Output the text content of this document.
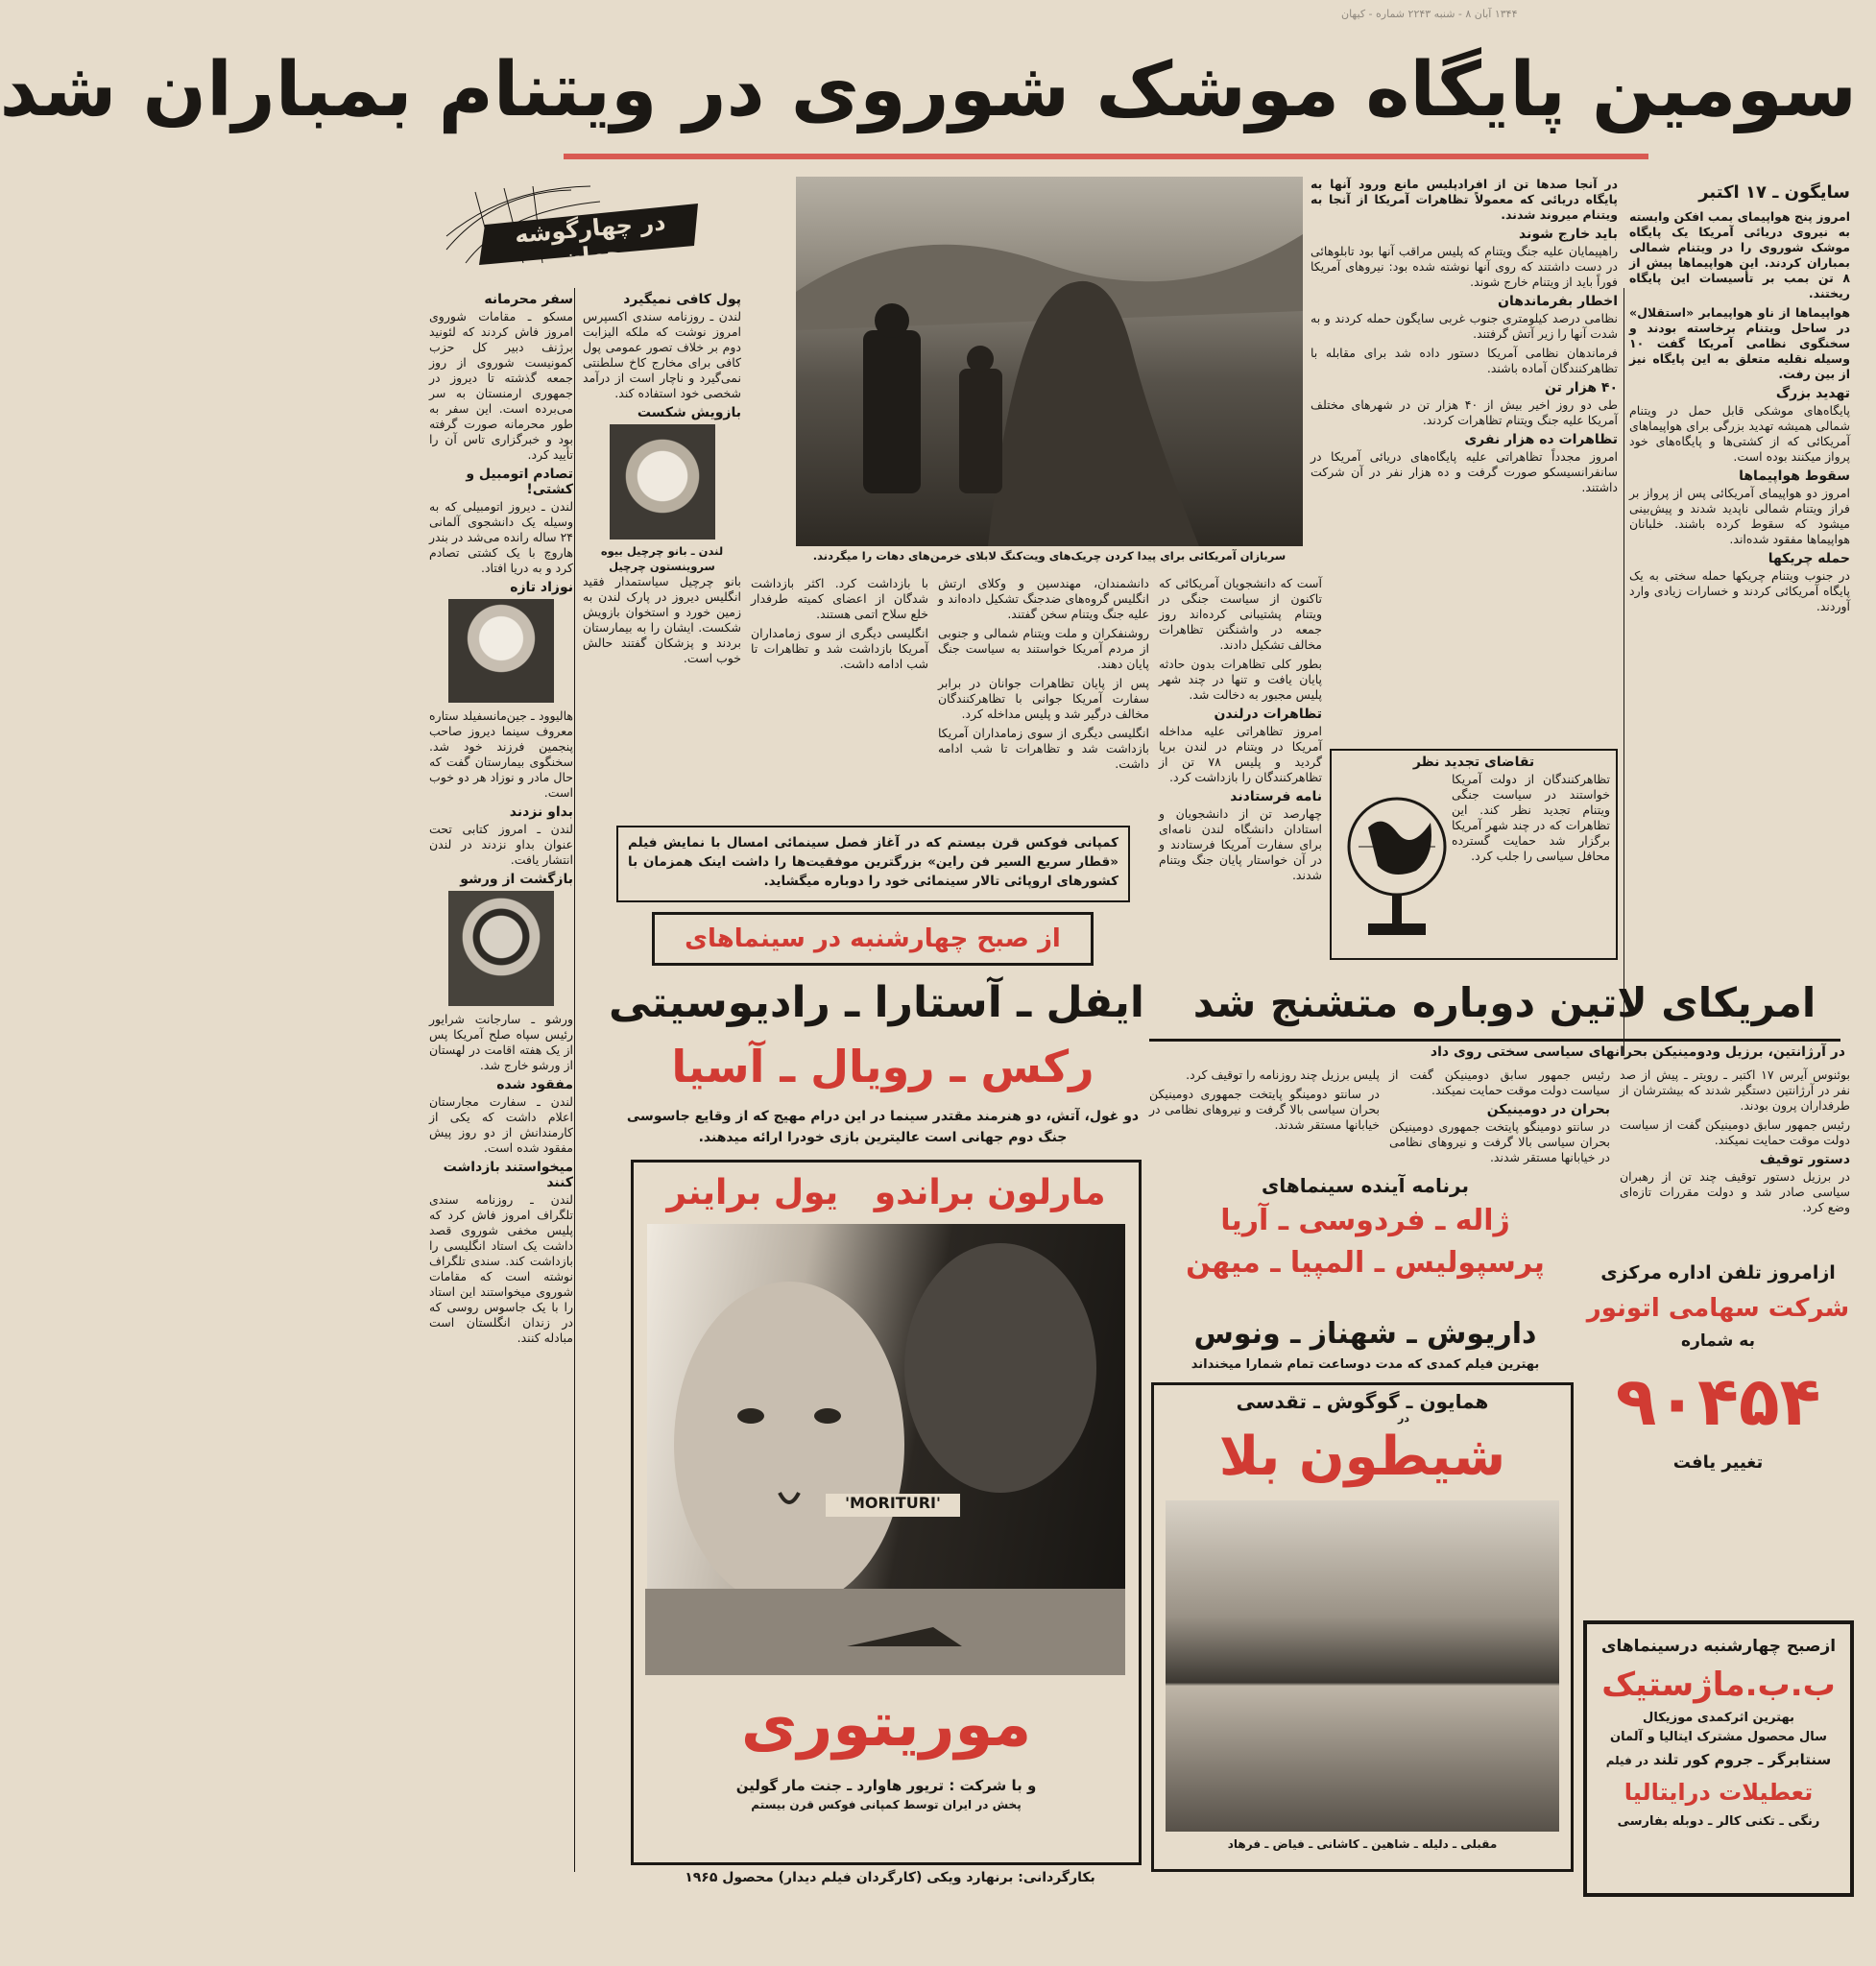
۱۳۴۴ آبان ۸ - شنبه ۲۲۴۳ شماره - کیهان
سومین پایگاه موشک شوروی در ویتنام بمباران شد
در چهارگوشه جهان
سفر محرمانه

مسکو ـ مقامات شوروی امروز فاش کردند که لئونید برژنف دبیر کل حزب کمونیست شوروی از روز جمعه گذشته تا دیروز در جمهوری ارمنستان به سر می‌برده است. این سفر به طور محرمانه صورت گرفته بود و خبرگزاری تاس آن را تأیید کرد.

تصادم اتومبیل و کشتی!

لندن ـ دیروز اتومبیلی که به وسیله یک دانشجوی آلمانی ۲۴ ساله رانده می‌شد در بندر هاروچ با یک کشتی تصادم کرد و به دریا افتاد.

نوزاد تازه

هالیوود ـ جین‌مانسفیلد ستاره معروف سینما دیروز صاحب پنجمین فرزند خود شد. سخنگوی بیمارستان گفت که حال مادر و نوزاد هر دو خوب است.

بداو نزدند

لندن ـ امروز کتابی تحت عنوان بداو نزدند در لندن انتشار یافت.

بازگشت از ورشو

ورشو ـ سارجانت شرایور رئیس سپاه صلح آمریکا پس از یک هفته اقامت در لهستان از ورشو خارج شد.

مفقود شده

لندن ـ سفارت مجارستان اعلام داشت که یکی از کارمندانش از دو روز پیش مفقود شده است.

میخواستند بازداشت کنند

لندن ـ روزنامه سندی تلگراف امروز فاش کرد که پلیس مخفی شوروی قصد داشت یک استاد انگلیسی را بازداشت کند. سندی تلگراف نوشته است که مقامات شوروی میخواستند این استاد را با یک جاسوس روسی که در زندان انگلستان است مبادله کنند.

پول کافی نمیگیرد

لندن ـ روزنامه سندی اکسپرس امروز نوشت که ملکه الیزابت دوم بر خلاف تصور عمومی پول کافی برای مخارج کاخ سلطنتی نمی‌گیرد و ناچار است از درآمد شخصی خود استفاده کند.

بازویش شکست
لندن ـ بانو چرچیل بیوه سروینستون چرچیل

بانو چرچیل سیاستمدار فقید انگلیس دیروز در پارک لندن به زمین خورد و استخوان بازویش شکست. ایشان را به بیمارستان بردند و پزشکان گفتند حالش خوب است.

سربازان آمریکائی برای پیدا کردن چریک‌های ویت‌کنگ لابلای خرمن‌های دهات را میگردند.
سایگون ـ ۱۷ اکتبر

امروز پنج هواپیمای بمب افکن وابسته به نیروی دریائی آمریکا یک پایگاه موشک شوروی را در ویتنام شمالی بمباران کردند. این هواپیماها پیش از ۸ تن بمب بر تأسیسات این پایگاه ریختند.

هواپیماها از ناو هواپیمابر «استقلال» در ساحل ویتنام برخاسته بودند و سخنگوی نظامی آمریکا گفت ۱۰ وسیله نقلیه متعلق به این پایگاه نیز از بین رفت.

تهدید بزرگ

پایگاه‌های موشکی قابل حمل در ویتنام شمالی همیشه تهدید بزرگی برای هواپیماهای آمریکائی که از کشتی‌ها و پایگاه‌های خود پرواز میکنند بوده است.

سقوط هواپیماها

امروز دو هواپیمای آمریکائی پس از پرواز بر فراز ویتنام شمالی ناپدید شدند و پیش‌بینی میشود که سقوط کرده باشند. خلبانان هواپیماها مفقود شده‌اند.

حمله چریکها

در جنوب ویتنام چریکها حمله سختی به یک پایگاه آمریکائی کردند و خسارات زیادی وارد آوردند.

در آنجا صدها تن از افرادپلیس مانع ورود آنها به پایگاه دریائی که معمولاً تظاهرات آمریکا از آنجا به ویتنام میروند شدند.

باید خارج شوند

راهپیمایان علیه جنگ ویتنام که پلیس مراقب آنها بود تابلوهائی در دست داشتند که روی آنها نوشته شده بود: نیروهای آمریکا فوراً باید از ویتنام خارج شوند.

اخطار بفرماندهان

نظامی درصد کیلومتری جنوب غربی سایگون حمله کردند و به شدت آنها را زیر آتش گرفتند.

فرماندهان نظامی آمریکا دستور داده شد برای مقابله با تظاهرکنندگان آماده باشند.

۴۰ هزار تن

طی دو روز اخیر بیش از ۴۰ هزار تن در شهرهای مختلف آمریکا علیه جنگ ویتنام تظاهرات کردند.

تظاهرات ده هزار نفری

امروز مجدداً تظاهراتی علیه پایگاه‌های دریائی آمریکا در سانفرانسیسکو صورت گرفت و ده هزار نفر در آن شرکت داشتند.

آست که دانشجویان آمریکائی که تاکنون از سیاست جنگی در ویتنام پشتیبانی کرده‌اند روز جمعه در واشنگتن تظاهرات مخالف تشکیل دادند.

بطور کلی تظاهرات بدون حادثه پایان یافت و تنها در چند شهر پلیس مجبور به دخالت شد.

تظاهرات درلندن

امروز تظاهراتی علیه مداخله آمریکا در ویتنام در لندن برپا گردید و پلیس ۷۸ تن از تظاهرکنندگان را بازداشت کرد.

نامه فرستادند

چهارصد تن از دانشجویان و استادان دانشگاه لندن نامه‌ای برای سفارت آمریکا فرستادند و در آن خواستار پایان جنگ ویتنام شدند.

دانشمندان، مهندسین و وکلای ارتش انگلیس گروه‌های ضدجنگ تشکیل داده‌اند و علیه جنگ ویتنام سخن گفتند.

روشنفکران و ملت ویتنام شمالی و جنوبی از مردم آمریکا خواستند به سیاست جنگ پایان دهند.

پس از پایان تظاهرات جوانان در برابر سفارت آمریکا جوانی با تظاهرکنندگان مخالف درگیر شد و پلیس مداخله کرد.

انگلیسی دیگری از سوی زمامداران آمریکا بازداشت شد و تظاهرات تا شب ادامه داشت.

با بازداشت کرد. اکثر بازداشت شدگان از اعضای کمیته طرفدار خلع سلاح اتمی هستند.

انگلیسی دیگری از سوی زمامداران آمریکا بازداشت شد و تظاهرات تا شب ادامه داشت.

تقاضای تجدید نظر
تظاهرکنندگان از دولت آمریکا خواستند در سیاست جنگی ویتنام تجدید نظر کند. این تظاهرات که در چند شهر آمریکا برگزار شد حمایت گسترده محافل سیاسی را جلب کرد.
کمپانی فوکس قرن بیستم که در آغاز فصل سینمائی امسال با نمایش فیلم «قطار سریع السیر فن راین» بزرگترین موفقیت‌ها را داشت اینک همزمان با کشورهای اروپائی تالار سینمائی خود را دوباره میگشاید.
امریکای لاتین دوباره متشنج شد
در آرژانتین، برزیل ودومینیکن بحرانهای سیاسی سختی روی داد

بوئنوس آیرس ۱۷ اکتبر ـ رویتر ـ پیش از صد نفر در آرژانتین دستگیر شدند که بیشترشان از طرفداران پرون بودند.

رئیس جمهور سابق دومینیکن گفت از سیاست دولت موقت حمایت نمیکند.

دستور توقیف

در برزیل دستور توقیف چند تن از رهبران سیاسی صادر شد و دولت مقررات تازه‌ای وضع کرد.

رئیس جمهور سابق دومینیکن گفت از سیاست دولت موقت حمایت نمیکند.

بحران در دومینیکن

در سانتو دومینگو پایتخت جمهوری دومینیکن بحران سیاسی بالا گرفت و نیروهای نظامی در خیابانها مستقر شدند.

پلیس برزیل چند روزنامه را توقیف کرد.

در سانتو دومینگو پایتخت جمهوری دومینیکن بحران سیاسی بالا گرفت و نیروهای نظامی در خیابانها مستقر شدند.

از صبح چهارشنبه در سینماهای
ایفل ـ آستارا ـ رادیوسیتی
رکس ـ رویال ـ آسیا
دو غول، آتش، دو هنرمند مقتدر سینما در این درام مهیج که از وقایع جاسوسی جنگ دوم جهانی است عالیترین بازی خودرا ارائه میدهند.
مارلون براندو   یول براینر
'MORITURI'
موریتوری
و با شرکت : تریور هاوارد ـ جنت مار گولین
پخش در ایران توسط کمپانی فوکس قرن بیستم
بکارگردانی: برنهارد ویکی (کارگردان فیلم دیدار) محصول ۱۹۶۵
برنامه آینده سینماهای
ژاله ـ فردوسی ـ آریا
پرسپولیس ـ المپیا ـ میهن
داریوش ـ شهناز ـ ونوس
بهترین فیلم کمدی که مدت دوساعت تمام شمارا میخنداند
همایون ـ گوگوش ـ تقدسی
در
شیطون بلا
مقبلی ـ دلیله ـ شاهین ـ کاشانی ـ فیاض ـ فرهاد
ازامروز تلفن اداره مرکزی
شرکت سهامی اتونور
به شماره
۹۰۴۵۴
تغییر یافت
ازصبح چهارشنبه درسینماهای
ب.ب.ماژستیک
بهترین اثرکمدی موزیکال
سال محصول مشترک ایتالیا و آلمان
سنتابرگر ـ جروم کور تلند در فیلم
تعطیلات درایتالیا
رنگی ـ تکنی کالر ـ دوبله بفارسی
